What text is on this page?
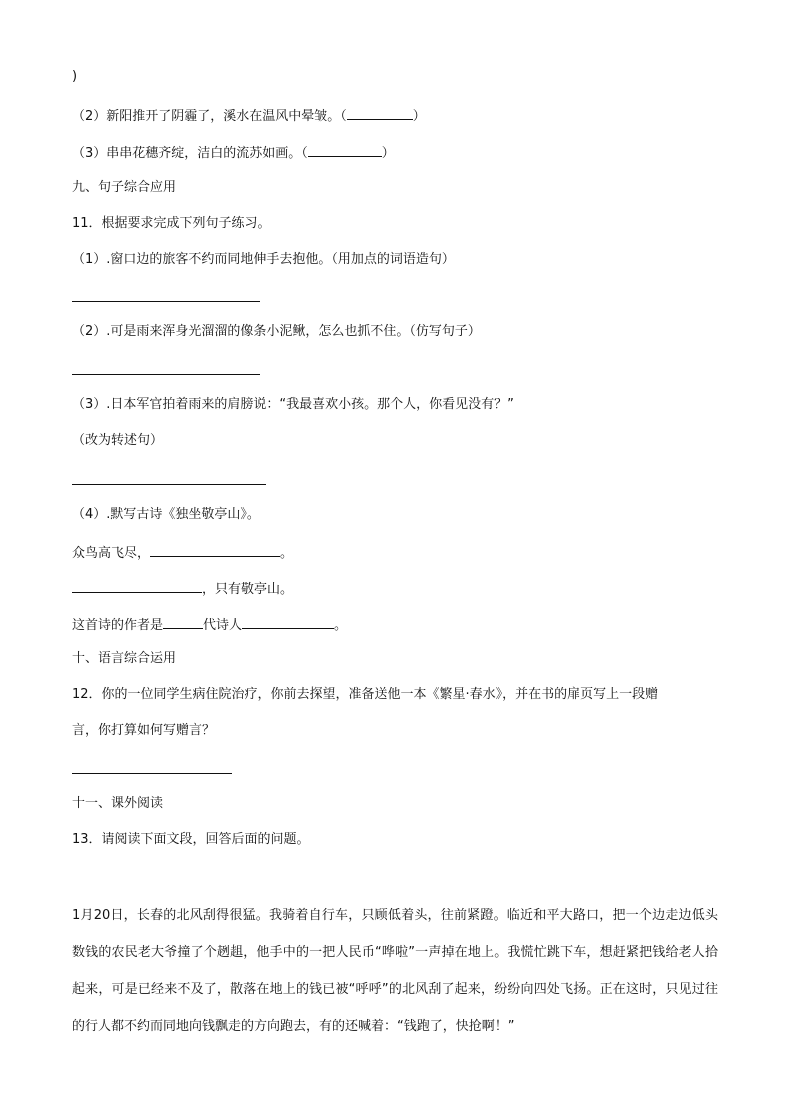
)
（2）新阳推开了阴霾了，溪水在温风中晕皱。（	）
（3）串串花穗齐绽，洁白的流苏如画。（	）
九、句子综合应用
11．根据要求完成下列句子练习。
（1）.窗口边的旅客不约而同地伸手去抱他。（用加点的词语造句）
（2）.可是雨来浑身光溜溜的像条小泥鳅，怎么也抓不住。（仿写句子）
（3）.日本军官拍着雨来的肩膀说：“我最喜欢小孩。那个人，你看见没有？”
（改为转述句）
（4）.默写古诗《独坐敬亭山》。
众鸟高飞尽，	。
，只有敬亭山。
这首诗的作者是	代诗人	。
十、语言综合运用
12．你的一位同学生病住院治疗，你前去探望，准备送他一本《繁星·春水》，并在书的扉页写上一段赠
言，你打算如何写赠言？
十一、课外阅读
13．请阅读下面文段，回答后面的问题。
1月20日，长春的北风刮得很猛。我骑着自行车，只顾低着头，往前紧蹬。临近和平大路口，把一个边走边低头数钱的农民老大爷撞了个趔趄，他手中的一把人民币“哗啦”一声掉在地上。我慌忙跳下车，想赶紧把钱给老人拾起来，可是已经来不及了，散落在地上的钱已被“呼呼”的北风刮了起来，纷纷向四处飞扬。正在这时，只见过往的行人都不约而同地向钱飘走的方向跑去，有的还喊着：“钱跑了，快抢啊！”
